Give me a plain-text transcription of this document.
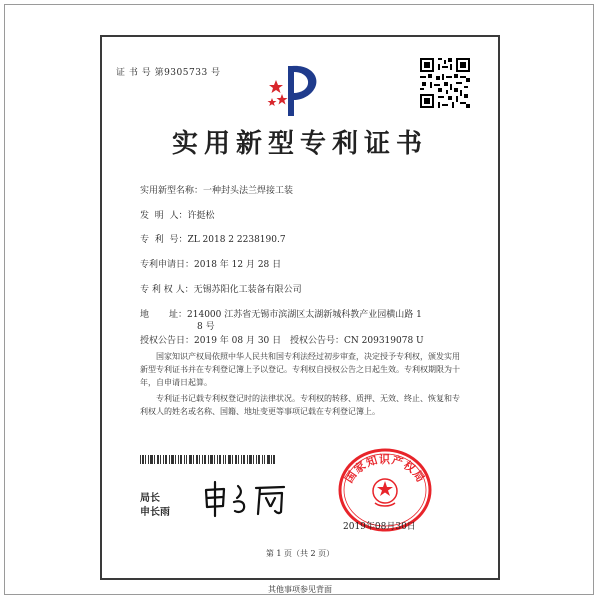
证 书 号 第9305733 号
实用新型专利证书
实用新型名称：一种封头法兰焊接工装
发  明  人：许挺松
专  利  号：ZL 2018 2 2238190.7
专利申请日：2018 年 12 月 28 日
专 利 权 人：无锡苏阳化工装备有限公司
地       址：214000 江苏省无锡市滨湖区太湖新城科教产业园横山路 1
8 号
授权公告日：2019 年 08 月 30 日 授权公告号：CN 209319078 U
国家知识产权局依照中华人民共和国专利法经过初步审查，决定授予专利权，颁发实用新型专利证书并在专利登记簿上予以登记。专利权自授权公告之日起生效。专利权期限为十年，自申请日起算。
专利证书记载专利权登记时的法律状况。专利权的转移、质押、无效、终止、恢复和专利权人的姓名或名称、国籍、地址变更等事项记载在专利登记簿上。
局长
申长雨
国家知识产权局
2019年08月30日
第 1 页（共 2 页）
其他事项参见背面
